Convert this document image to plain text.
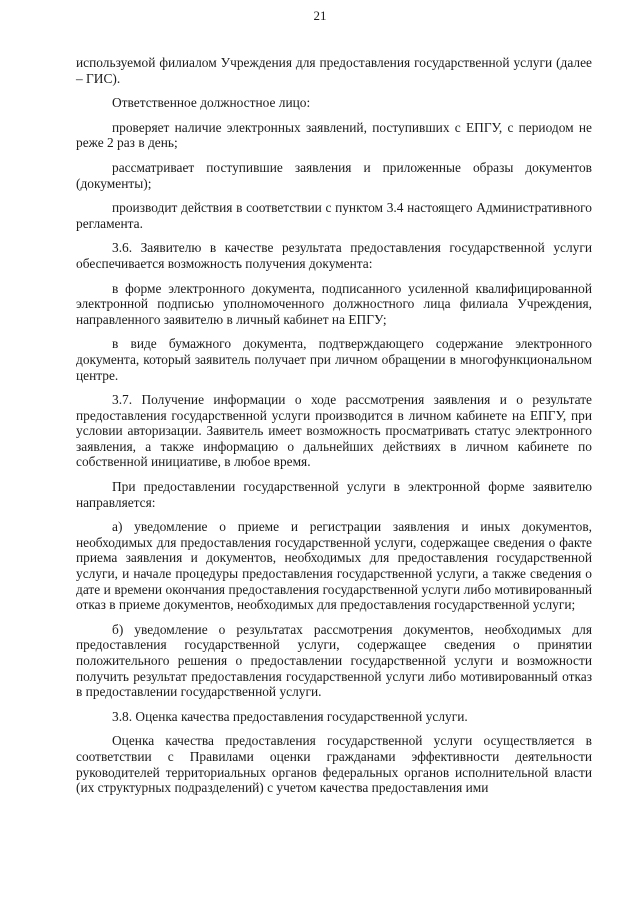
21

используемой филиалом Учреждения для предоставления государственной услуги (далее – ГИС).

Ответственное должностное лицо:

проверяет наличие электронных заявлений, поступивших с ЕПГУ, с периодом не реже 2 раз в день;

рассматривает поступившие заявления и приложенные образы документов (документы);

производит действия в соответствии с пунктом 3.4 настоящего Административного регламента.

3.6. Заявителю в качестве результата предоставления государственной услуги обеспечивается возможность получения документа:

в форме электронного документа, подписанного усиленной квалифицированной электронной подписью уполномоченного должностного лица филиала Учреждения, направленного заявителю в личный кабинет на ЕПГУ;

в виде бумажного документа, подтверждающего содержание электронного документа, который заявитель получает при личном обращении в многофункциональном центре.

3.7. Получение информации о ходе рассмотрения заявления и о результате предоставления государственной услуги производится в личном кабинете на ЕПГУ, при условии авторизации. Заявитель имеет возможность просматривать статус электронного заявления, а также информацию о дальнейших действиях в личном кабинете по собственной инициативе, в любое время.

При предоставлении государственной услуги в электронной форме заявителю направляется:

а) уведомление о приеме и регистрации заявления и иных документов, необходимых для предоставления государственной услуги, содержащее сведения о факте приема заявления и документов, необходимых для предоставления государственной услуги, и начале процедуры предоставления государственной услуги, а также сведения о дате и времени окончания предоставления государственной услуги либо мотивированный отказ в приеме документов, необходимых для предоставления государственной услуги;

б) уведомление о результатах рассмотрения документов, необходимых для предоставления государственной услуги, содержащее сведения о принятии положительного решения о предоставлении государственной услуги и возможности получить результат предоставления государственной услуги либо мотивированный отказ в предоставлении государственной услуги.

3.8. Оценка качества предоставления государственной услуги.

Оценка качества предоставления государственной услуги осуществляется в соответствии с Правилами оценки гражданами эффективности деятельности руководителей территориальных органов федеральных органов исполнительной власти (их структурных подразделений) с учетом качества предоставления ими
